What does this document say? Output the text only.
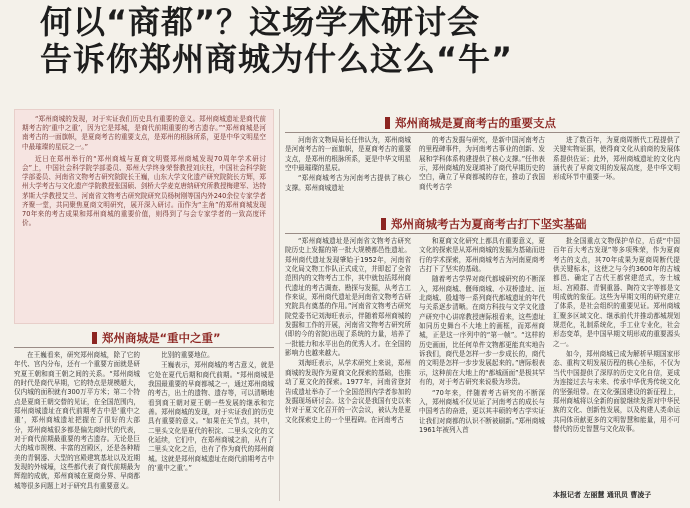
何以“商都”？这场学术研讨会
告诉你郑州商城为什么这么“牛”

“郑州商城的发现，对于实证我们历史具有重要的意义。郑州商城遗址是商代前期考古的‘重中之重’，因为它是郑城，是商代前期重要的考古遗存。”“郑州商城是河南考古的一面旗帜，是夏商考古的重要支点，是郑州的根脉所系，更是中华文明星空中最璀璨的星辰之一。”

近日在郑州举行的“郑州商城与夏商文明暨郑州商城发现70周年学术研讨会”上，中国社会科学院学部委员、郑州大学终身荣誉教授刘庆柱，中国社会科学院学部委员、河南省文物考古研究院院长王巍，山东大学文化遗产研究院院长方辉，郑州大学考古与文化遗产学院教授张国硕、剑桥大学麦克唐纳研究所教授梅建军、达特茅斯大学教授艾兰、河南省文物考古研究院研究员杨树刚等国内外240余位专家学者齐聚一堂，共同聚焦夏商文明研究，展开深入研讨。而作为“主角”的郑州商城发现70年来的考古成果和郑州商城的重要价值，则得到了与会专家学者的一致高度评价。

郑州商城是夏商考古的重要支点

河南省文物局局长任伟认为，郑州商城是河南考古的一面旗帜，是夏商考古的重要支点，是郑州的根脉所系，更是中华文明星空中最璀璨的星辰。

“郑州商城考古为河南考古提供了核心支撑。郑州商城遗址

的考古发掘与研究，是新中国河南考古的里程碑事件，为河南考古事业的创新、发展和学科体系构建提供了核心支撑。”任伟表示，郑州商城的发现填补了商代早期历史的空白，确立了早商都城的存在，推动了我国商代考古学

进了数百年，为夏商周断代工程提供了关键实物证据，使得商文化从前商的发展体系提供佐证；此外，郑州商城遗址的文化内涵代表了早商文明的发展高度，是中华文明形成环节中重要一环。

郑州商城考古为夏商考古打下坚实基础

“郑州商城遗址是河南省文物考古研究院历史上发掘的第一批大规模都邑性遗址。郑州商代遗址发现肇始于1952年，河南省文化局文物工作队正式成立，并即起了全省范围内的文物考古工作，其中就包括郑州商代遗址的考古调查、勘探与发掘，从考古工作来说，郑州商代遗址是河南省文物考古研究院具有奠基的作用。”河南省文物考古研究院党委书记刘海旺表示，伴随着郑州商城的发掘和工作的开展，河南省文物考古研究所(即的今的省院)出现了系统的力量，培养了一批能力和水平出色的优秀人才。在全国的影响力也越来越大。

刘海旺表示，从学术研究上来说，郑州商城的发现作为夏商文化探索的基础，也推动了夏文化的探索。1977年，河南省登封告成遗址举办了一个全国范围内学者参加的发掘现场研讨会。这个会议是我国有史以来针对于夏文化召开的一次会议，被认为是夏文化探索史上的一个里程碑。在河南考古

和夏商文化研究上都具有重要意义，夏文化的探索是从郑州商城的发掘为基础而进行的学术探索，郑州商城考古为河南夏商考古打下了坚实的基础。

随着考古学界对商代都城研究的不断深入，郑州商城、偃师商城、小双桥遗址、洹北商城、殷墟等一系列商代都城遗址的年代与关系逐步清晰。在商方科技与文学文化遗产研究中心讲席教授唐际根看来，这些遗址如同历史舞台不大地上的画框，而郑州商城，正是这一序列中的“第一帧”。“这样的历史画面，比任何单件文物都更能真实地告诉我们，商代是怎样一步一步成长的，商代的文明是怎样一步步发展起来的。”唐际根表示，这种前在大地上的“都城画面”是极其罕有的，对于考古研究来说极为珍贵。

“70年来，伴随着考古研究的不断深入，郑州商城不仅见证了河南考古的成长与中国考古的奋进，更以其丰硕的考古学实证让我们对商都的认识不断被刷新。”郑州商城1961年被列入首

批全国重点文物保护单位，后获“中国百年百大考古发现”等多项殊荣，作为夏商考古的支点，其70年成果为夏商周断代提供关键标本，这使之与今约3600年的古城都邑、确定了古代王都营建范式，夯土城垣、宫殿群、青铜重器、陶符文字等都是文明成就的象征。这些为早期文明的研究建立了体系，是社会组织的重要见证。郑州商城汇聚多区域文化、继承前代并推动都城规划规范化，礼制系统化，手工业专业化，社会形态变革，是中国早期文明形成的重要源头之一。

如今，郑州商城已成为解析早期国家形态、重构文明发展历程的核心坐标，不仅为当代中国提供了深厚的历史文化自信，更成为连接过去与未来、传承中华优秀传统文化的坚强纽带。在文化强国建设的新征程上，郑州商城将以全新的面貌继续发挥对中华民族的文化、创新性发展，以及构建人类命运共同体贡献更多的文明智慧和能量，用不可替代的历史智慧与文化故事。

本报记者 左丽慧 通讯员 曹凌子
郑州商城是“重中之重”

在王巍看来，研究郑州商城，除了它的年代、宫内分布，还有一个重要方面就是研究夏王朝和商王朝之间的关系。“郑州商城的时代是商代早期，它的特点是规模超大，仅内城的面积就有300万平方米；第二个特点是夏商王朝交替的见证，在全国范围内，郑州商城遗址在商代前期考古中是‘重中之重’，郑州商城遗址把握在了很好的大部分，郑州商城很多都是偏先商时代的代表，对于商代前期最重要的考古遗存。无论是巨大的城市规模、丰富的宫殿区，还是各种精美的青铜器、大型的宫殿建筑基址以及近期发现的外城壕，这些都代表了商代前期最为辉煌的成就，郑州商城在夏商分界、早商都城等很多问题上对于研究具有重要意义。

比别的重要地位。

王巍表示，郑州商城的考古意义，就是它处在夏代后期和商代前期。“郑州商城是我国最重要的早商都城之一，通过郑州商城的考古，出土的遗物、遗存等，可以清晰地看到商王朝对夏王朝一些发展的继承和完善。郑州商城的发现，对于实证我们的历史具有重要的意义。“如果在关节点，其中，二里头文化是夏代的积淀、二里头文化的文化延续，它们中，在郑州商城之前，从有了二里头文化之后，也有了作为商代的郑州商城。这就是郑州商城遗址在商代前期考古中的‘重中之重’。”
